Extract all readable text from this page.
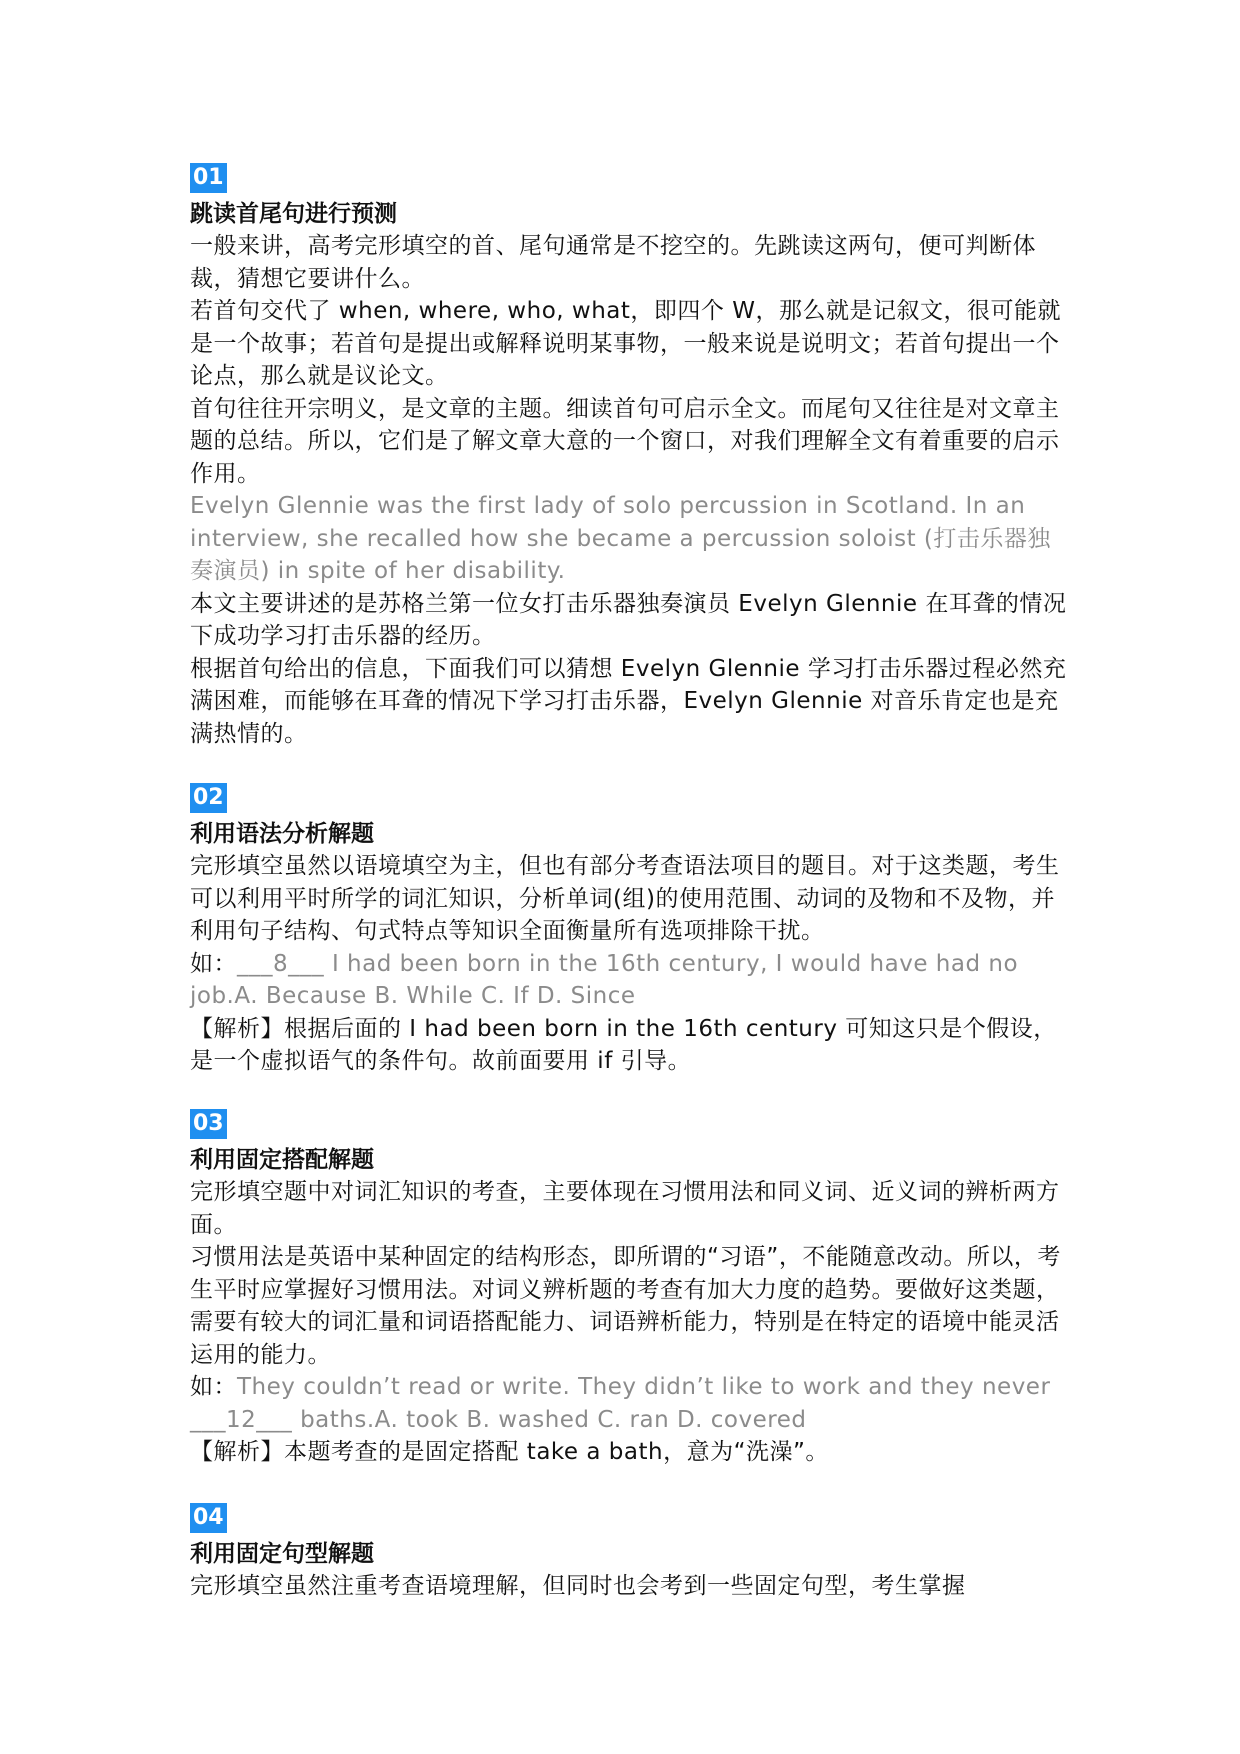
01

跳读首尾句进行预测

一般来讲，高考完形填空的首、尾句通常是不挖空的。先跳读这两句，便可判断体裁，猜想它要讲什么。

若首句交代了 when, where, who, what，即四个 W，那么就是记叙文，很可能就是一个故事；若首句是提出或解释说明某事物，一般来说是说明文；若首句提出一个论点，那么就是议论文。

首句往往开宗明义，是文章的主题。细读首句可启示全文。而尾句又往往是对文章主题的总结。所以，它们是了解文章大意的一个窗口，对我们理解全文有着重要的启示作用。

Evelyn Glennie was the first lady of solo percussion in Scotland. In an interview, she recalled how she became a percussion soloist (打击乐器独奏演员) in spite of her disability.

本文主要讲述的是苏格兰第一位女打击乐器独奏演员 Evelyn Glennie 在耳聋的情况下成功学习打击乐器的经历。

根据首句给出的信息，下面我们可以猜想 Evelyn Glennie 学习打击乐器过程必然充满困难，而能够在耳聋的情况下学习打击乐器，Evelyn Glennie 对音乐肯定也是充满热情的。

02

利用语法分析解题

完形填空虽然以语境填空为主，但也有部分考查语法项目的题目。对于这类题，考生可以利用平时所学的词汇知识，分析单词(组)的使用范围、动词的及物和不及物，并利用句子结构、句式特点等知识全面衡量所有选项排除干扰。

如：___8___ I had been born in the 16th century, I would have had no job.A. Because B. While C. If D. Since

【解析】根据后面的 I had been born in the 16th century 可知这只是个假设，是一个虚拟语气的条件句。故前面要用 if 引导。

03

利用固定搭配解题

完形填空题中对词汇知识的考查，主要体现在习惯用法和同义词、近义词的辨析两方面。

习惯用法是英语中某种固定的结构形态，即所谓的“习语”，不能随意改动。所以，考生平时应掌握好习惯用法。对词义辨析题的考查有加大力度的趋势。要做好这类题，需要有较大的词汇量和词语搭配能力、词语辨析能力，特别是在特定的语境中能灵活运用的能力。

如：They couldn’t read or write. They didn’t like to work and they never ___12___ baths.A. took B. washed C. ran D. covered

【解析】本题考查的是固定搭配 take a bath，意为“洗澡”。

04

利用固定句型解题

完形填空虽然注重考查语境理解，但同时也会考到一些固定句型，考生掌握
